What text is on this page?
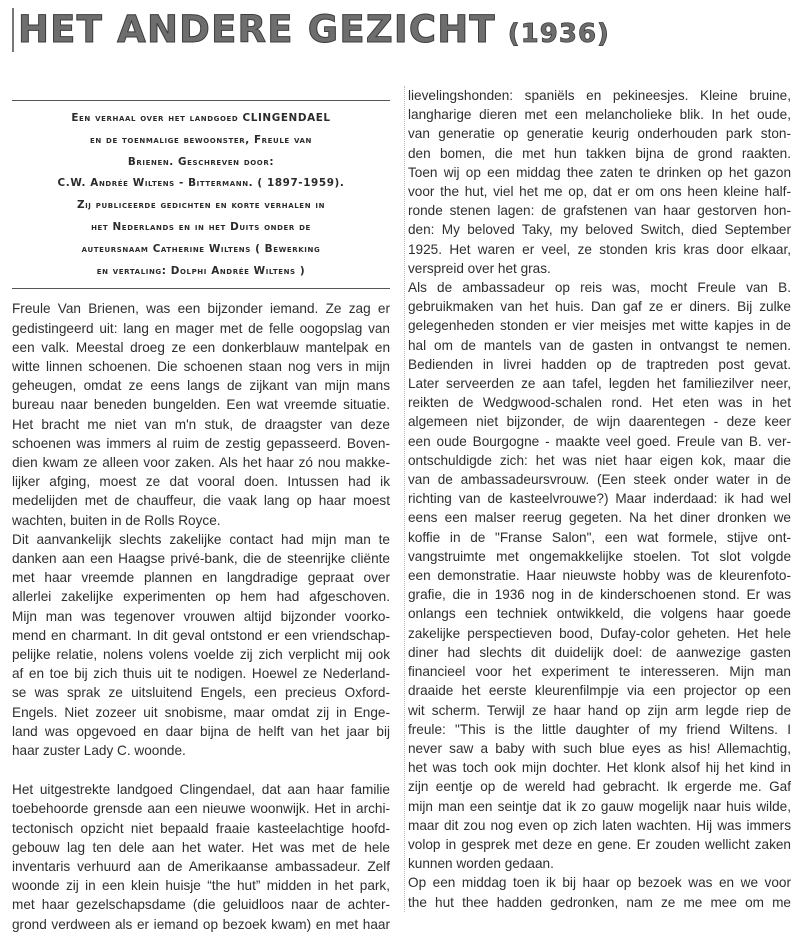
HET ANDERE GEZICHT (1936)
Een verhaal over het landgoed CLINGENDAEL
en de toenmalige bewoonster, Freule van
Brienen. Geschreven door:
C.W. Andrée Wiltens - Bittermann. ( 1897-1959).
Zij publiceerde gedichten en korte verhalen in
het Nederlands en in het Duits onder de
auteursnaam Catherine Wiltens ( Bewerking
en vertaling: Dolphi Andrée Wiltens )

Freule Van Brienen, was een bijzonder iemand. Ze zag er
gedistingeerd uit: lang en mager met de felle oogopslag van
een valk. Meestal droeg ze een donkerblauw mantelpak en
witte linnen schoenen. Die schoenen staan nog vers in mijn
geheugen, omdat ze eens langs de zijkant van mijn mans
bureau naar beneden bungelden. Een wat vreemde situatie.
Het bracht me niet van m'n stuk, de draagster van deze
schoenen was immers al ruim de zestig gepasseerd. Boven-
dien kwam ze alleen voor zaken. Als het haar zó nou makke-
lijker afging, moest ze dat vooral doen. Intussen had ik
medelijden met de chauffeur, die vaak lang op haar moest
wachten, buiten in de Rolls Royce.

Dit aanvankelijk slechts zakelijke contact had mijn man te
danken aan een Haagse privé-bank, die de steenrijke cliënte
met haar vreemde plannen en langdradige gepraat over
allerlei zakelijke experimenten op hem had afgeschoven.
Mijn man was tegenover vrouwen altijd bijzonder voorko-
mend en charmant. In dit geval ontstond er een vriendschap-
pelijke relatie, nolens volens voelde zij zich verplicht mij ook
af en toe bij zich thuis uit te nodigen. Hoewel ze Nederland-
se was sprak ze uitsluitend Engels, een precieus Oxford-
Engels. Niet zozeer uit snobisme, maar omdat zij in Enge-
land was opgevoed en daar bijna de helft van het jaar bij
haar zuster Lady C. woonde.

Het uitgestrekte landgoed Clingendael, dat aan haar familie
toebehoorde grensde aan een nieuwe woonwijk. Het in archi-
tectonisch opzicht niet bepaald fraaie kasteelachtige hoofd-
gebouw lag ten dele aan het water. Het was met de hele
inventaris verhuurd aan de Amerikaanse ambassadeur. Zelf
woonde zij in een klein huisje “the hut” midden in het park,
met haar gezelschapsdame (die geluidloos naar de achter-
grond verdween als er iemand op bezoek kwam) en met haar

lievelingshonden: spaniëls en pekineesjes. Kleine bruine,
langharige dieren met een melancholieke blik. In het oude,
van generatie op generatie keurig onderhouden park ston-
den bomen, die met hun takken bijna de grond raakten.
Toen wij op een middag thee zaten te drinken op het gazon
voor the hut, viel het me op, dat er om ons heen kleine half-
ronde stenen lagen: de grafstenen van haar gestorven hon-
den: My beloved Taky, my beloved Switch, died September
1925. Het waren er veel, ze stonden kris kras door elkaar,
verspreid over het gras.

Als de ambassadeur op reis was, mocht Freule van B.
gebruikmaken van het huis. Dan gaf ze er diners. Bij zulke
gelegenheden stonden er vier meisjes met witte kapjes in de
hal om de mantels van de gasten in ontvangst te nemen.
Bedienden in livrei hadden op de traptreden post gevat.
Later serveerden ze aan tafel, legden het familiezilver neer,
reikten de Wedgwood-schalen rond. Het eten was in het
algemeen niet bijzonder, de wijn daarentegen - deze keer
een oude Bourgogne - maakte veel goed. Freule van B. ver-
ontschuldigde zich: het was niet haar eigen kok, maar die
van de ambassadeursvrouw. (Een steek onder water in de
richting van de kasteelvrouwe?) Maar inderdaad: ik had wel
eens een malser reerug gegeten. Na het diner dronken we
koffie in de "Franse Salon", een wat formele, stijve ont-
vangstruimte met ongemakkelijke stoelen. Tot slot volgde
een demonstratie. Haar nieuwste hobby was de kleurenfoto-
grafie, die in 1936 nog in de kinderschoenen stond. Er was
onlangs een techniek ontwikkeld, die volgens haar goede
zakelijke perspectieven bood, Dufay-color geheten. Het hele
diner had slechts dit duidelijk doel: de aanwezige gasten
financieel voor het experiment te interesseren. Mijn man
draaide het eerste kleurenfilmpje via een projector op een
wit scherm. Terwijl ze haar hand op zijn arm legde riep de
freule: "This is the little daughter of my friend Wiltens. I
never saw a baby with such blue eyes as his! Allemachtig,
het was toch ook mijn dochter. Het klonk alsof hij het kind in
zijn eentje op de wereld had gebracht. Ik ergerde me. Gaf
mijn man een seintje dat ik zo gauw mogelijk naar huis wilde,
maar dit zou nog even op zich laten wachten. Hij was immers
volop in gesprek met deze en gene. Er zouden wellicht zaken
kunnen worden gedaan.

Op een middag toen ik bij haar op bezoek was en we voor
the hut thee hadden gedronken, nam ze me mee om me
